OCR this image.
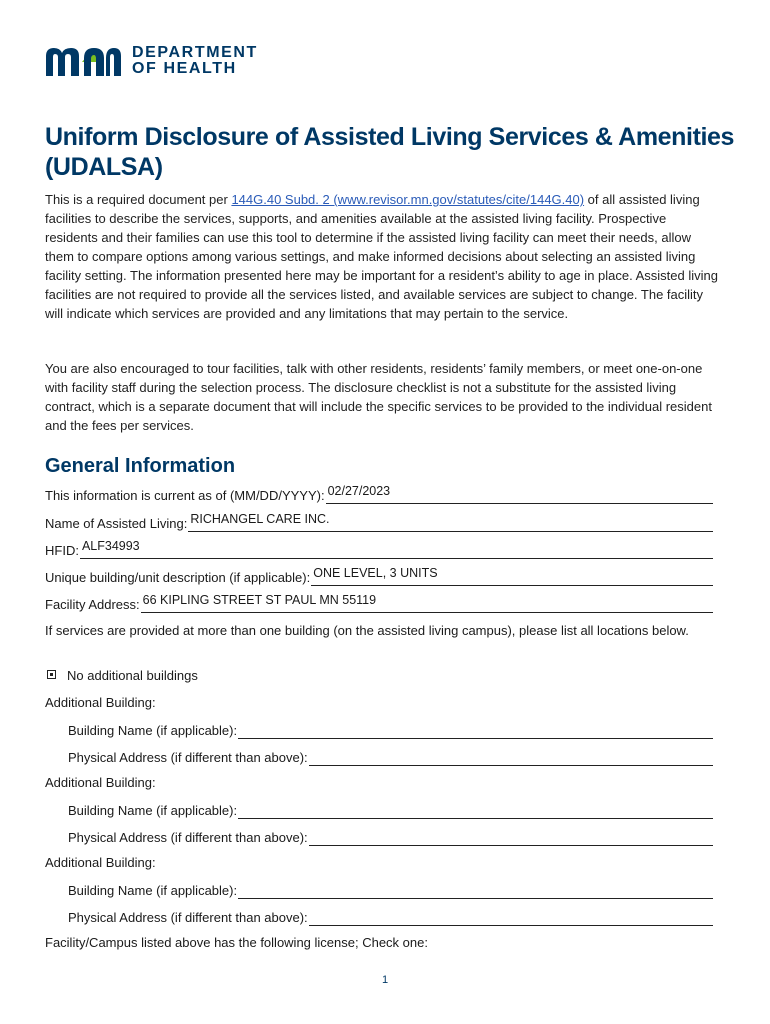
DEPARTMENT
OF HEALTH
Uniform Disclosure of Assisted Living Services & Amenities (UDALSA)

This is a required document per 144G.40 Subd. 2 (www.revisor.mn.gov/statutes/cite/144G.40) of all assisted living facilities to describe the services, supports, and amenities available at the assisted living facility. Prospective residents and their families can use this tool to determine if the assisted living facility can meet their needs, allow them to compare options among various settings, and make informed decisions about selecting an assisted living facility setting. The information presented here may be important for a resident’s ability to age in place. Assisted living facilities are not required to provide all the services listed, and available services are subject to change. The facility will indicate which services are provided and any limitations that may pertain to the service.

You are also encouraged to tour facilities, talk with other residents, residents’ family members, or meet one-on-one with facility staff during the selection process. The disclosure checklist is not a substitute for the assisted living contract, which is a separate document that will include the specific services to be provided to the individual resident and the fees per services.

General Information
This information is current as of (MM/DD/YYYY): 02/27/2023
Name of Assisted Living: RICHANGEL CARE INC.
HFID: ALF34993
Unique building/unit description (if applicable): ONE LEVEL, 3 UNITS
Facility Address: 66 KIPLING STREET ST PAUL MN 55119

If services are provided at more than one building (on the assisted living campus), please list all locations below.

No additional buildings

Additional Building:

Building Name (if applicable):
Physical Address (if different than above):

Additional Building:

Building Name (if applicable):
Physical Address (if different than above):

Additional Building:

Building Name (if applicable):
Physical Address (if different than above):

Facility/Campus listed above has the following license; Check one:

1
